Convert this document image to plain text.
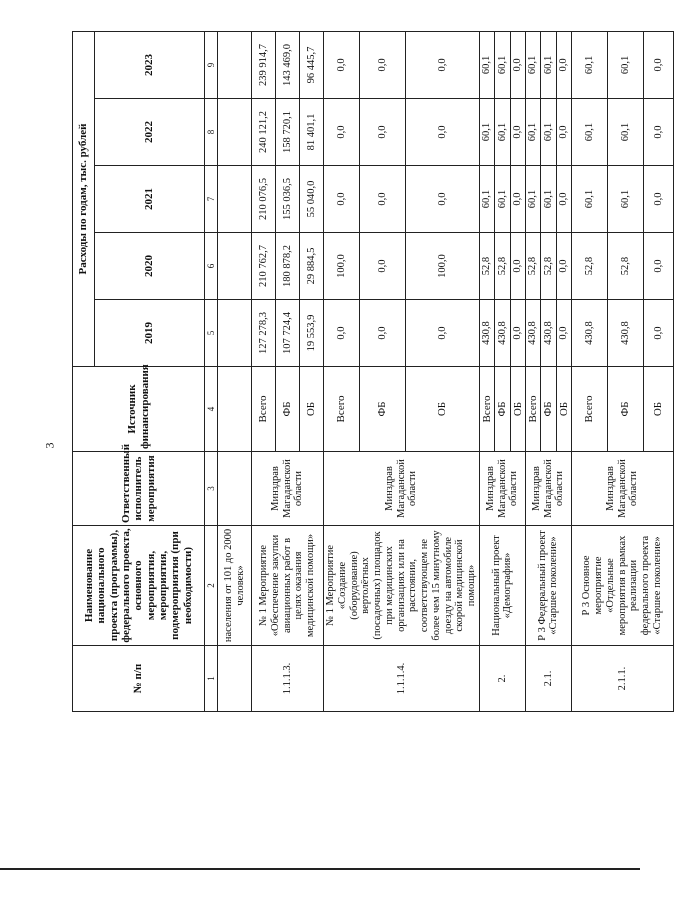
3
№ п/п	Наименование национального проекта (программы), федерального проекта, основного мероприятия, мероприятия, подмероприятия (при необходимости)	Ответственный исполнитель мероприятия	Источник финансирования	Расходы по годам, тыс. рублей				
				2019	2020	2021	2022	2023
1	2	3	4	5	6	7	8	9
	населения от 101 до 2000 человек»							
1.1.1.3.	№ 1 Мероприятие «Обеспечение закупки авиационных работ в целях оказания медицинской помощи»	Минздрав Магаданской области	Всего	127 278,3	210 762,7	210 076,5	240 121,2	239 914,7
			ФБ	107 724,4	180 878,2	155 036,5	158 720,1	143 469,0
			ОБ	19 553,9	29 884,5	55 040,0	81 401,1	96 445,7
1.1.1.4.	№ 1 Мероприятие «Создание (оборудование) вертолётных (посадочных) площадок при медицинских организациях или на расстоянии, соответствующем не более чем 15 минутному доезду на автомобиле скорой медицинской помощи»	Минздрав Магаданской области	Всего	0,0	100,0	0,0	0,0	0,0
			ФБ	0,0	0,0	0,0	0,0	0,0
			ОБ	0,0	100,0	0,0	0,0	0,0
2.	Национальный проект «Демография»	Минздрав Магаданской области	Всего	430,8	52,8	60,1	60,1	60,1
			ФБ	430,8	52,8	60,1	60,1	60,1
			ОБ	0,0	0,0	0,0	0,0	0,0
2.1.	Р 3 Федеральный проект «Старшее поколение»	Минздрав Магаданской области	Всего	430,8	52,8	60,1	60,1	60,1
			ФБ	430,8	52,8	60,1	60,1	60,1
			ОБ	0,0	0,0	0,0	0,0	0,0
2.1.1.	Р 3 Основное мероприятие «Отдельные мероприятия в рамках реализации федерального проекта «Старшее поколение»	Минздрав Магаданской области	Всего	430,8	52,8	60,1	60,1	60,1
			ФБ	430,8	52,8	60,1	60,1	60,1
			ОБ	0,0	0,0	0,0	0,0	0,0
